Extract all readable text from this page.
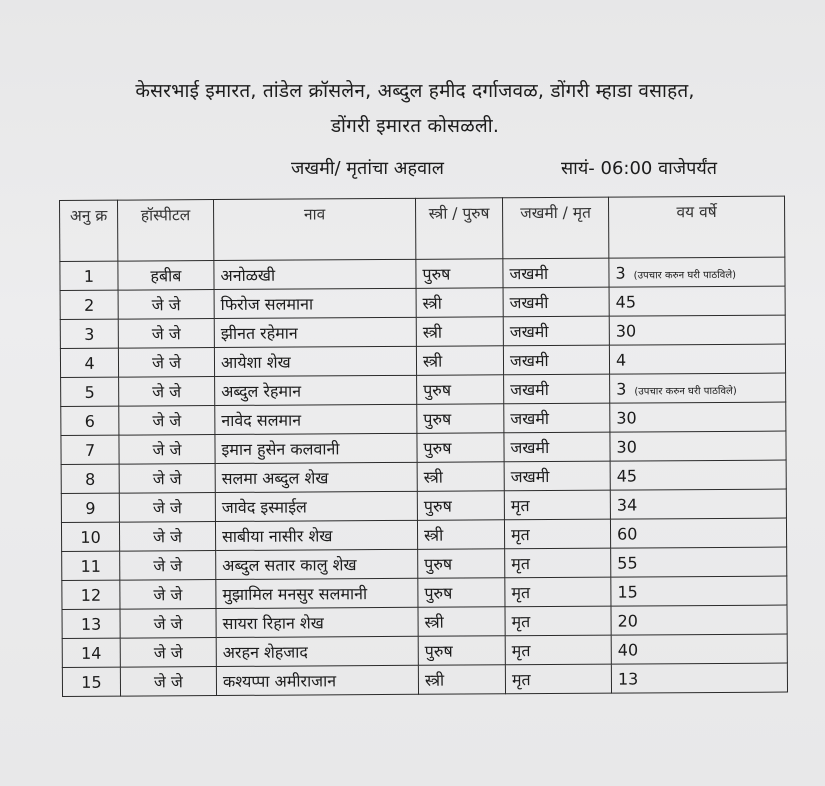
केसरभाई इमारत, तांडेल क्रॉसलेन, अब्दुल हमीद दर्गाजवळ, डोंगरी म्हाडा वसाहत,
डोंगरी इमारत कोसळली.
जखमी/ मृतांचा अहवाल	सायं- 06:00 वाजेपर्यंत
अनु क्र	हॉस्पीटल	नाव	स्त्री / पुरुष	जखमी / मृत	वय वर्षे
1	हबीब	अनोळखी	पुरुष	जखमी	3 (उपचार करुन घरी पाठविले)
2	जे जे	फिरोज सलमाना	स्त्री	जखमी	45
3	जे जे	झीनत रहेमान	स्त्री	जखमी	30
4	जे जे	आयेशा शेख	स्त्री	जखमी	4
5	जे जे	अब्दुल रेहमान	पुरुष	जखमी	3 (उपचार करुन घरी पाठविले)
6	जे जे	नावेद सलमान	पुरुष	जखमी	30
7	जे जे	इमान हुसेन कलवानी	पुरुष	जखमी	30
8	जे जे	सलमा अब्दुल शेख	स्त्री	जखमी	45
9	जे जे	जावेद इस्माईल	पुरुष	मृत	34
10	जे जे	साबीया नासीर शेख	स्त्री	मृत	60
11	जे जे	अब्दुल सतार कालु शेख	पुरुष	मृत	55
12	जे जे	मुझामिल मनसुर सलमानी	पुरुष	मृत	15
13	जे जे	सायरा रिहान शेख	स्त्री	मृत	20
14	जे जे	अरहन शेहजाद	पुरुष	मृत	40
15	जे जे	कश्यप्पा अमीराजान	स्त्री	मृत	13
